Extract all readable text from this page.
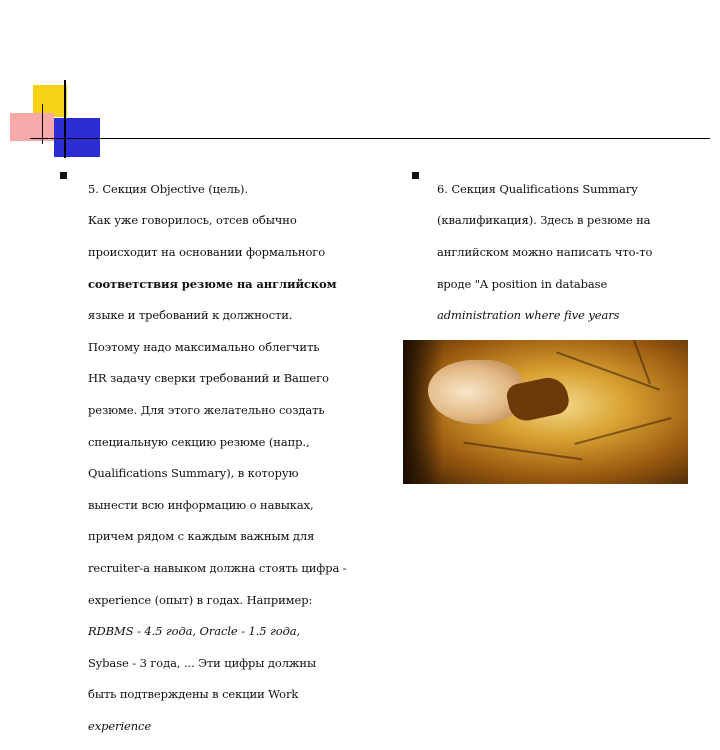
5. Секция Objective (цель).

Как уже говорилось, отсев обычно

происходит на основании формального

соответствия резюме на английском

языке и требований к должности.

Поэтому надо максимально облегчить

HR задачу сверки требований и Вашего

резюме. Для этого желательно создать

специальную секцию резюме (напр.,

Qualifications Summary), в которую

вынести всю информацию о навыках,

причем рядом с каждым важным для

recruiter-а навыком должна стоять цифра -

experience (опыт) в годах. Например:

RDBMS - 4.5 года, Oracle - 1.5 года,

Sybase - 3 года, ... Эти цифры должны

быть подтверждены в секции Work

experience

6. Секция Qualifications Summary

(квалификация). Здесь в резюме на

английском можно написать что-то

вроде "A position in database

administration where five years
